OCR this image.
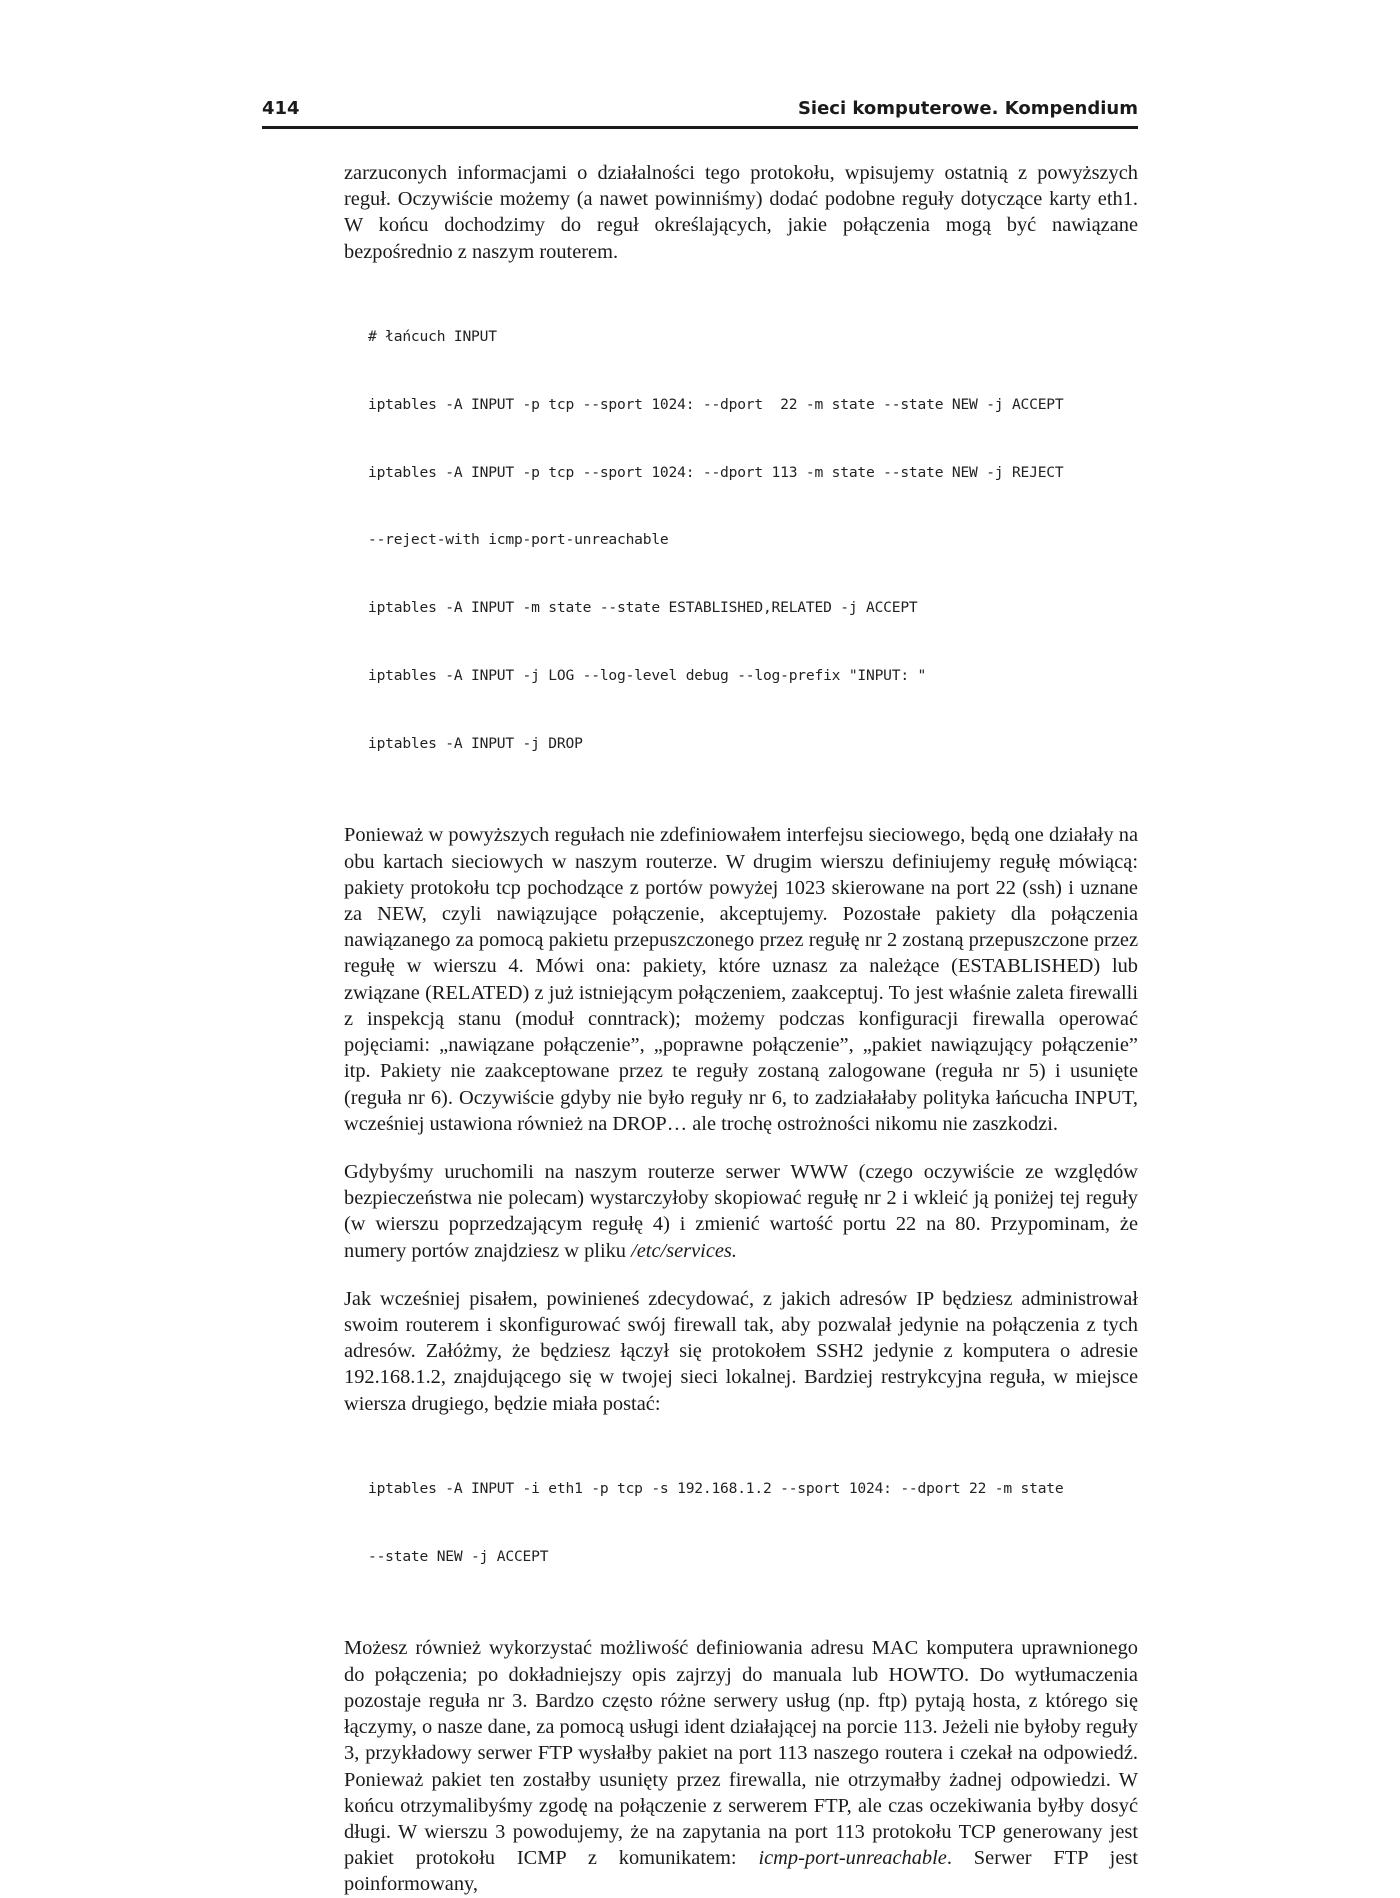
414	Sieci komputerowe. Kompendium

zarzuconych informacjami o działalności tego protokołu, wpisujemy ostatnią z powyższych reguł. Oczywiście możemy (a nawet powinniśmy) dodać podobne reguły dotyczące karty eth1. W końcu dochodzimy do reguł określających, jakie połączenia mogą być nawiązane bezpośrednio z naszym routerem.

# łańcuch INPUT

iptables -A INPUT -p tcp --sport 1024: --dport  22 -m state --state NEW -j ACCEPT

iptables -A INPUT -p tcp --sport 1024: --dport 113 -m state --state NEW -j REJECT

--reject-with icmp-port-unreachable

iptables -A INPUT -m state --state ESTABLISHED,RELATED -j ACCEPT

iptables -A INPUT -j LOG --log-level debug --log-prefix "INPUT: "

iptables -A INPUT -j DROP

Ponieważ w powyższych regułach nie zdefiniowałem interfejsu sieciowego, będą one działały na obu kartach sieciowych w naszym routerze. W drugim wierszu definiujemy regułę mówiącą: pakiety protokołu tcp pochodzące z portów powyżej 1023 skierowane na port 22 (ssh) i uznane za NEW, czyli nawiązujące połączenie, akceptujemy. Pozostałe pakiety dla połączenia nawiązanego za pomocą pakietu przepuszczonego przez regułę nr 2 zostaną przepuszczone przez regułę w wierszu 4. Mówi ona: pakiety, które uznasz za należące (ESTABLISHED) lub związane (RELATED) z już istniejącym połączeniem, zaakceptuj. To jest właśnie zaleta firewalli z inspekcją stanu (moduł conntrack); możemy podczas konfiguracji firewalla operować pojęciami: „nawiązane połączenie”, „poprawne połączenie”, „pakiet nawiązujący połączenie” itp. Pakiety nie zaakceptowane przez te reguły zostaną zalogowane (reguła nr 5) i usunięte (reguła nr 6). Oczywiście gdyby nie było reguły nr 6, to zadziałałaby polityka łańcucha INPUT, wcześniej ustawiona również na DROP… ale trochę ostrożności nikomu nie zaszkodzi.

Gdybyśmy uruchomili na naszym routerze serwer WWW (czego oczywiście ze względów bezpieczeństwa nie polecam) wystarczyłoby skopiować regułę nr 2 i wkleić ją poniżej tej reguły (w wierszu poprzedzającym regułę 4) i zmienić wartość portu 22 na 80. Przypominam, że numery portów znajdziesz w pliku /etc/services.

Jak wcześniej pisałem, powinieneś zdecydować, z jakich adresów IP będziesz administrował swoim routerem i skonfigurować swój firewall tak, aby pozwalał jedynie na połączenia z tych adresów. Załóżmy, że będziesz łączył się protokołem SSH2 jedynie z komputera o adresie 192.168.1.2, znajdującego się w twojej sieci lokalnej. Bardziej restrykcyjna reguła, w miejsce wiersza drugiego, będzie miała postać:

iptables -A INPUT -i eth1 -p tcp -s 192.168.1.2 --sport 1024: --dport 22 -m state

--state NEW -j ACCEPT

Możesz również wykorzystać możliwość definiowania adresu MAC komputera uprawnionego do połączenia; po dokładniejszy opis zajrzyj do manuala lub HOWTO. Do wytłumaczenia pozostaje reguła nr 3. Bardzo często różne serwery usług (np. ftp) pytają hosta, z którego się łączymy, o nasze dane, za pomocą usługi ident działającej na porcie 113. Jeżeli nie byłoby reguły 3, przykładowy serwer FTP wysłałby pakiet na port 113 naszego routera i czekał na odpowiedź. Ponieważ pakiet ten zostałby usunięty przez firewalla, nie otrzymałby żadnej odpowiedzi. W końcu otrzymalibyśmy zgodę na połączenie z serwerem FTP, ale czas oczekiwania byłby dosyć długi. W wierszu 3 powodujemy, że na zapytania na port 113 protokołu TCP generowany jest pakiet protokołu ICMP z komunikatem: icmp-port-unreachable. Serwer FTP jest poinformowany,
